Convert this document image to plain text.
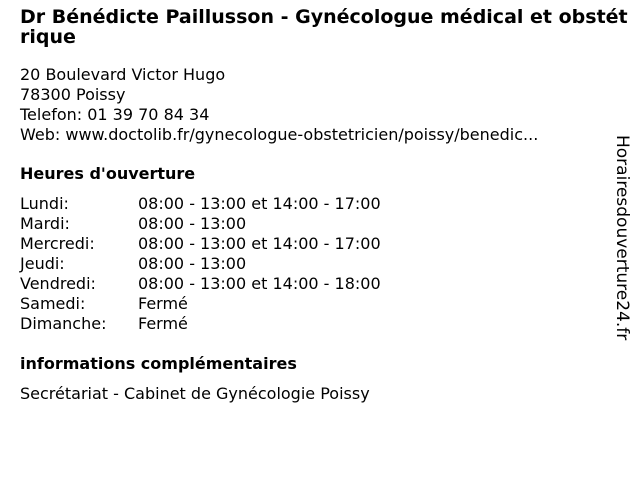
Dr Bénédicte Paillusson - Gynécologue médical et obstétrique
20 Boulevard Victor Hugo
78300 Poissy
Telefon: 01 39 70 84 34
Web: www.doctolib.fr/gynecologue-obstetricien/poissy/benedic...
Heures d'ouverture
Lundi:	08:00 - 13:00 et 14:00 - 17:00
Mardi:	08:00 - 13:00
Mercredi:	08:00 - 13:00 et 14:00 - 17:00
Jeudi:	08:00 - 13:00
Vendredi:	08:00 - 13:00 et 14:00 - 18:00
Samedi:	Fermé
Dimanche: Fermé
informations complémentaires
Secrétariat - Cabinet de Gynécologie Poissy
Horairesdouverture24.fr
